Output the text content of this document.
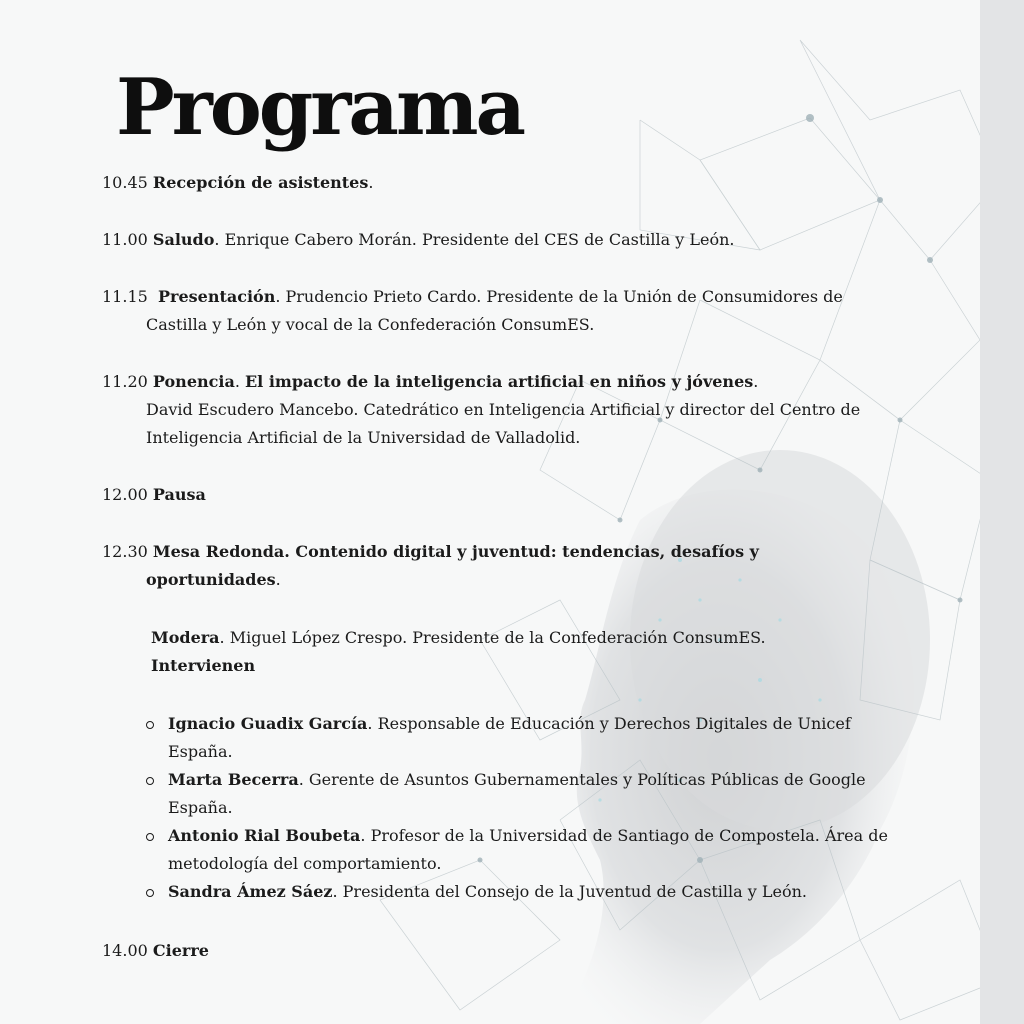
Programa
10.45 Recepción de asistentes.
11.00 Saludo. Enrique Cabero Morán. Presidente del CES de Castilla y León.
11.15 Presentación. Prudencio Prieto Cardo. Presidente de la Unión de Consumidores de
Castilla y León y vocal de la Confederación ConsumES.
11.20 Ponencia. El impacto de la inteligencia artificial en niños y jóvenes.
David Escudero Mancebo. Catedrático en Inteligencia Artificial y director del Centro de
Inteligencia Artificial de la Universidad de Valladolid.
12.00 Pausa
12.30 Mesa Redonda. Contenido digital y juventud: tendencias, desafíos y
oportunidades.
Modera. Miguel López Crespo. Presidente de la Confederación ConsumES.
Intervienen
Ignacio Guadix García. Responsable de Educación y Derechos Digitales de Unicef
España.
Marta Becerra. Gerente de Asuntos Gubernamentales y Políticas Públicas de Google
España.
Antonio Rial Boubeta. Profesor de la Universidad de Santiago de Compostela. Área de
metodología del comportamiento.
Sandra Ámez Sáez. Presidenta del Consejo de la Juventud de Castilla y León.
14.00 Cierre
